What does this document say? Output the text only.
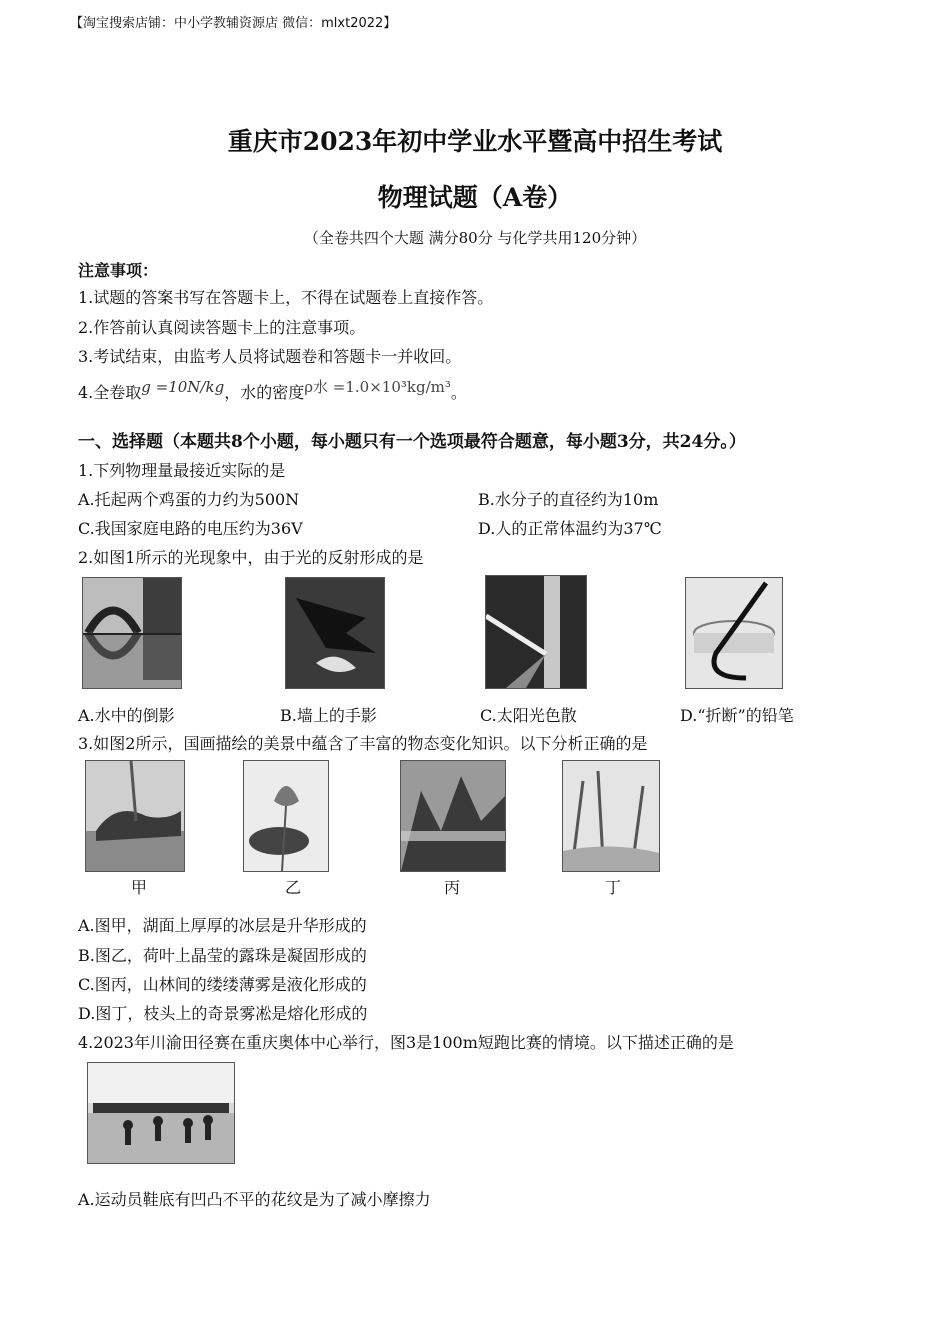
【淘宝搜索店铺：中小学教辅资源店 微信：mlxt2022】
重庆市2023年初中学业水平暨高中招生考试
物理试题（A卷）
（全卷共四个大题 满分80分 与化学共用120分钟）
注意事项：
1.试题的答案书写在答题卡上，不得在试题卷上直接作答。
2.作答前认真阅读答题卡上的注意事项。
3.考试结束，由监考人员将试题卷和答题卡一并收回。
4.全卷取g =10N/kg，水的密度ρ水 =1.0×10³kg/m³。
一、选择题（本题共8个小题，每小题只有一个选项最符合题意，每小题3分，共24分。）
1.下列物理量最接近实际的是
A.托起两个鸡蛋的力约为500N	B.水分子的直径约为10m
C.我国家庭电路的电压约为36V	D.人的正常体温约为37℃
2.如图1所示的光现象中，由于光的反射形成的是
A.水中的倒影	B.墙上的手影	C.太阳光色散	D.“折断”的铅笔
3.如图2所示，国画描绘的美景中蕴含了丰富的物态变化知识。以下分析正确的是
甲	乙	丙	丁
A.图甲，湖面上厚厚的冰层是升华形成的
B.图乙，荷叶上晶莹的露珠是凝固形成的
C.图丙，山林间的缕缕薄雾是液化形成的
D.图丁，枝头上的奇景雾凇是熔化形成的
4.2023年川渝田径赛在重庆奥体中心举行，图3是100m短跑比赛的情境。以下描述正确的是
A.运动员鞋底有凹凸不平的花纹是为了减小摩擦力
